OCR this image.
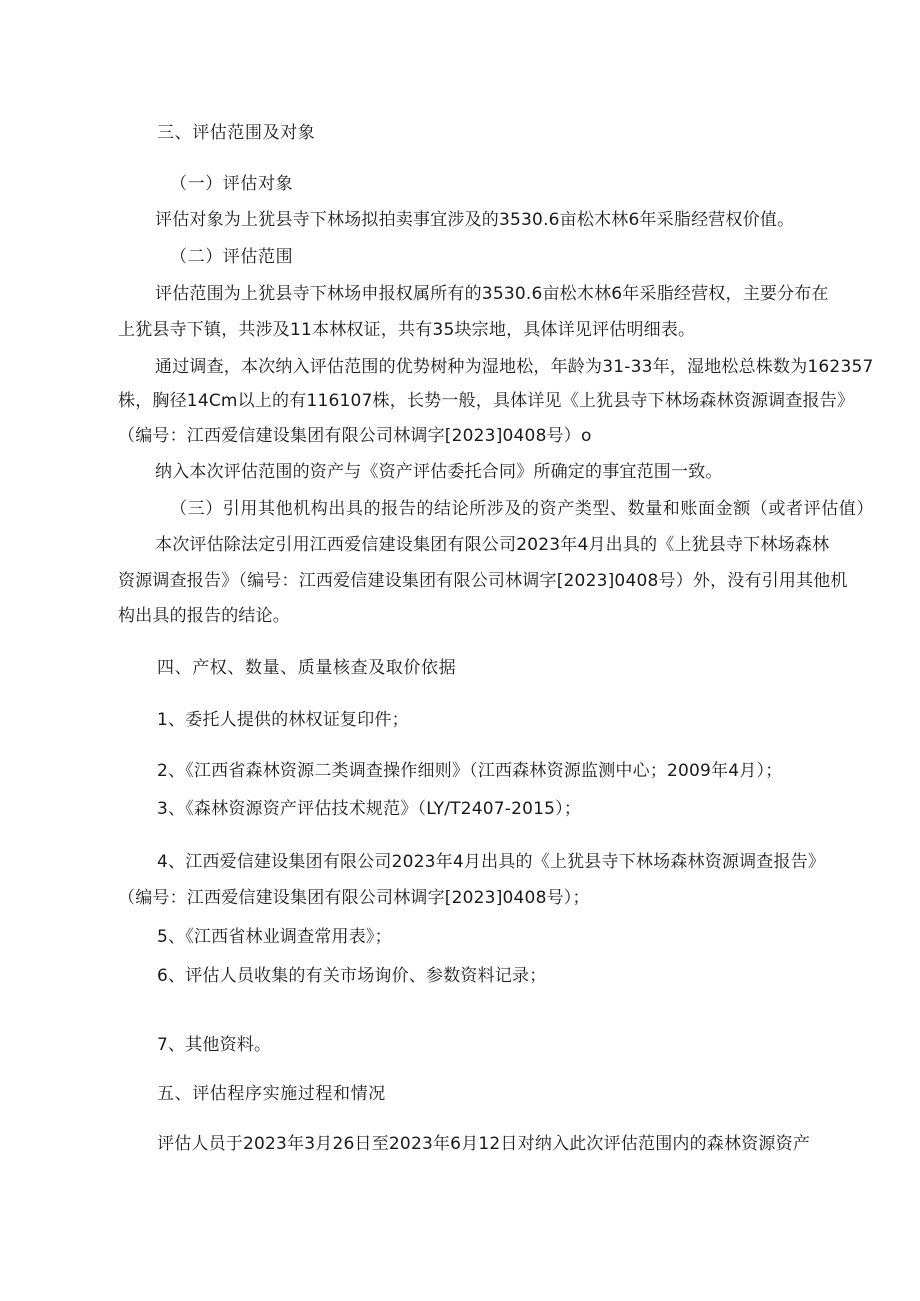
三、评估范围及对象

（一）评估对象

评估对象为上犹县寺下林场拟拍卖事宜涉及的3530.6亩松木林6年采脂经营权价值。

（二）评估范围

评估范围为上犹县寺下林场申报权属所有的3530.6亩松木林6年采脂经营权，主要分布在

上犹县寺下镇，共涉及11本林权证，共有35块宗地，具体详见评估明细表。

通过调查，本次纳入评估范围的优势树种为湿地松，年龄为31-33年，湿地松总株数为162357

株，胸径14Cm以上的有116107株，长势一般，具体详见《上犹县寺下林场森林资源调查报告》

（编号：江西爱信建设集团有限公司林调字[2023]0408号）o

纳入本次评估范围的资产与《资产评估委托合同》所确定的事宜范围一致。

（三）引用其他机构出具的报告的结论所涉及的资产类型、数量和账面金额（或者评估值）

本次评估除法定引用江西爱信建设集团有限公司2023年4月出具的《上犹县寺下林场森林

资源调查报告》（编号：江西爱信建设集团有限公司林调字[2023]0408号）外，没有引用其他机

构出具的报告的结论。

四、产权、数量、质量核查及取价依据

1、委托人提供的林权证复印件；

2、《江西省森林资源二类调查操作细则》（江西森林资源监测中心；2009年4月）；

3、《森林资源资产评估技术规范》（LY/T2407-2015）；

4、江西爱信建设集团有限公司2023年4月出具的《上犹县寺下林场森林资源调查报告》

（编号：江西爱信建设集团有限公司林调字[2023]0408号）；

5、《江西省林业调查常用表》；

6、评估人员收集的有关市场询价、参数资料记录；

7、其他资料。

五、评估程序实施过程和情况

评估人员于2023年3月26日至2023年6月12日对纳入此次评估范围内的森林资源资产
